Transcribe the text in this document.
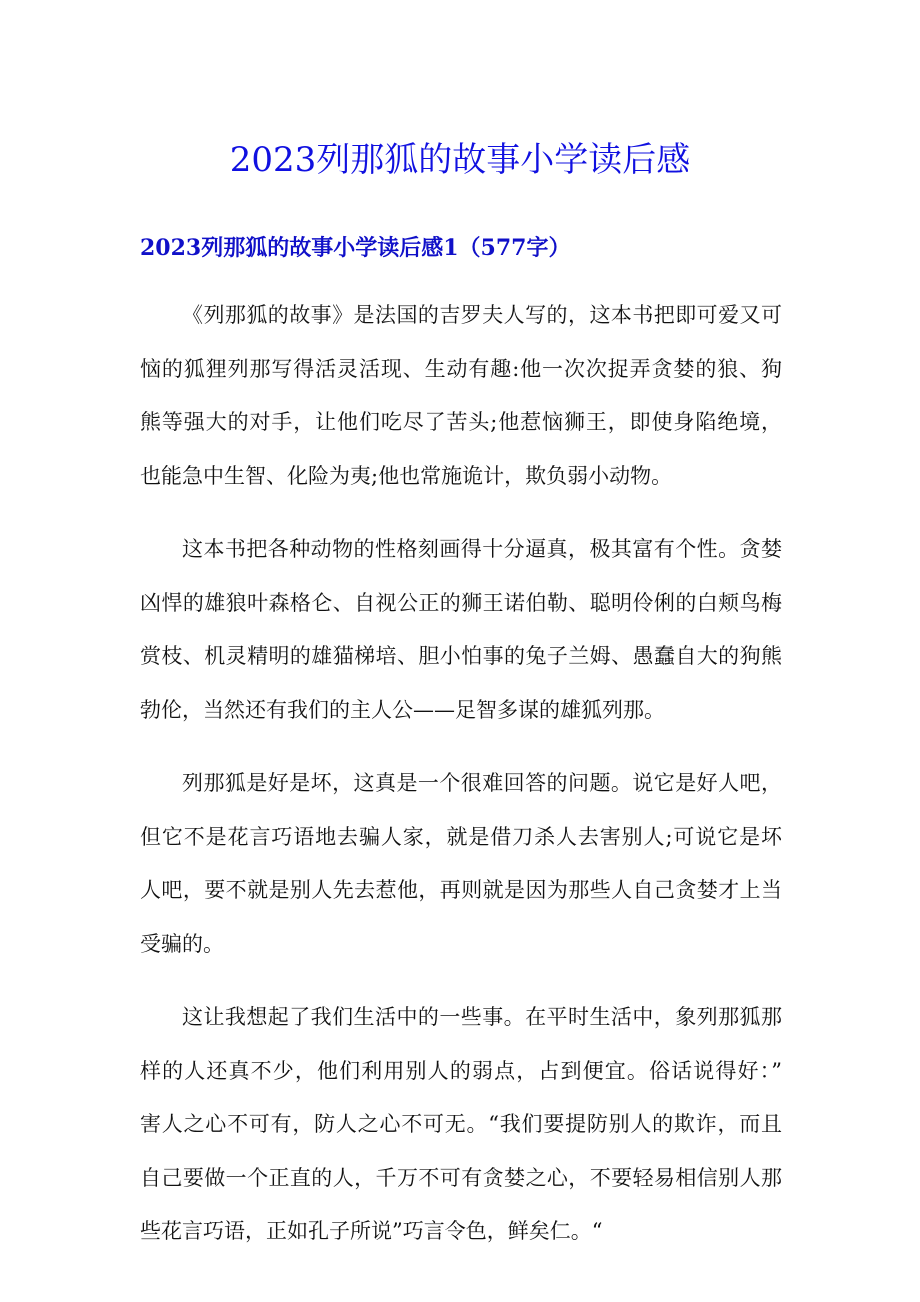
2023列那狐的故事小学读后感
2023列那狐的故事小学读后感1（577字）
《列那狐的故事》是法国的吉罗夫人写的，这本书把即可爱又可
恼的狐狸列那写得活灵活现、生动有趣:他一次次捉弄贪婪的狼、狗
熊等强大的对手，让他们吃尽了苦头;他惹恼狮王，即使身陷绝境，
也能急中生智、化险为夷;他也常施诡计，欺负弱小动物。
这本书把各种动物的性格刻画得十分逼真，极其富有个性。贪婪
凶悍的雄狼叶森格仑、自视公正的狮王诺伯勒、聪明伶俐的白颊鸟梅
赏枝、机灵精明的雄猫梯培、胆小怕事的兔子兰姆、愚蠢自大的狗熊
勃伦，当然还有我们的主人公——足智多谋的雄狐列那。
列那狐是好是坏，这真是一个很难回答的问题。说它是好人吧，
但它不是花言巧语地去骗人家，就是借刀杀人去害别人;可说它是坏
人吧，要不就是别人先去惹他，再则就是因为那些人自己贪婪才上当
受骗的。
这让我想起了我们生活中的一些事。在平时生活中，象列那狐那
样的人还真不少，他们利用别人的弱点，占到便宜。俗话说得好：”
害人之心不可有，防人之心不可无。“我们要提防别人的欺诈，而且
自己要做一个正直的人，千万不可有贪婪之心，不要轻易相信别人那
些花言巧语，正如孔子所说”巧言令色，鲜矣仁。“
